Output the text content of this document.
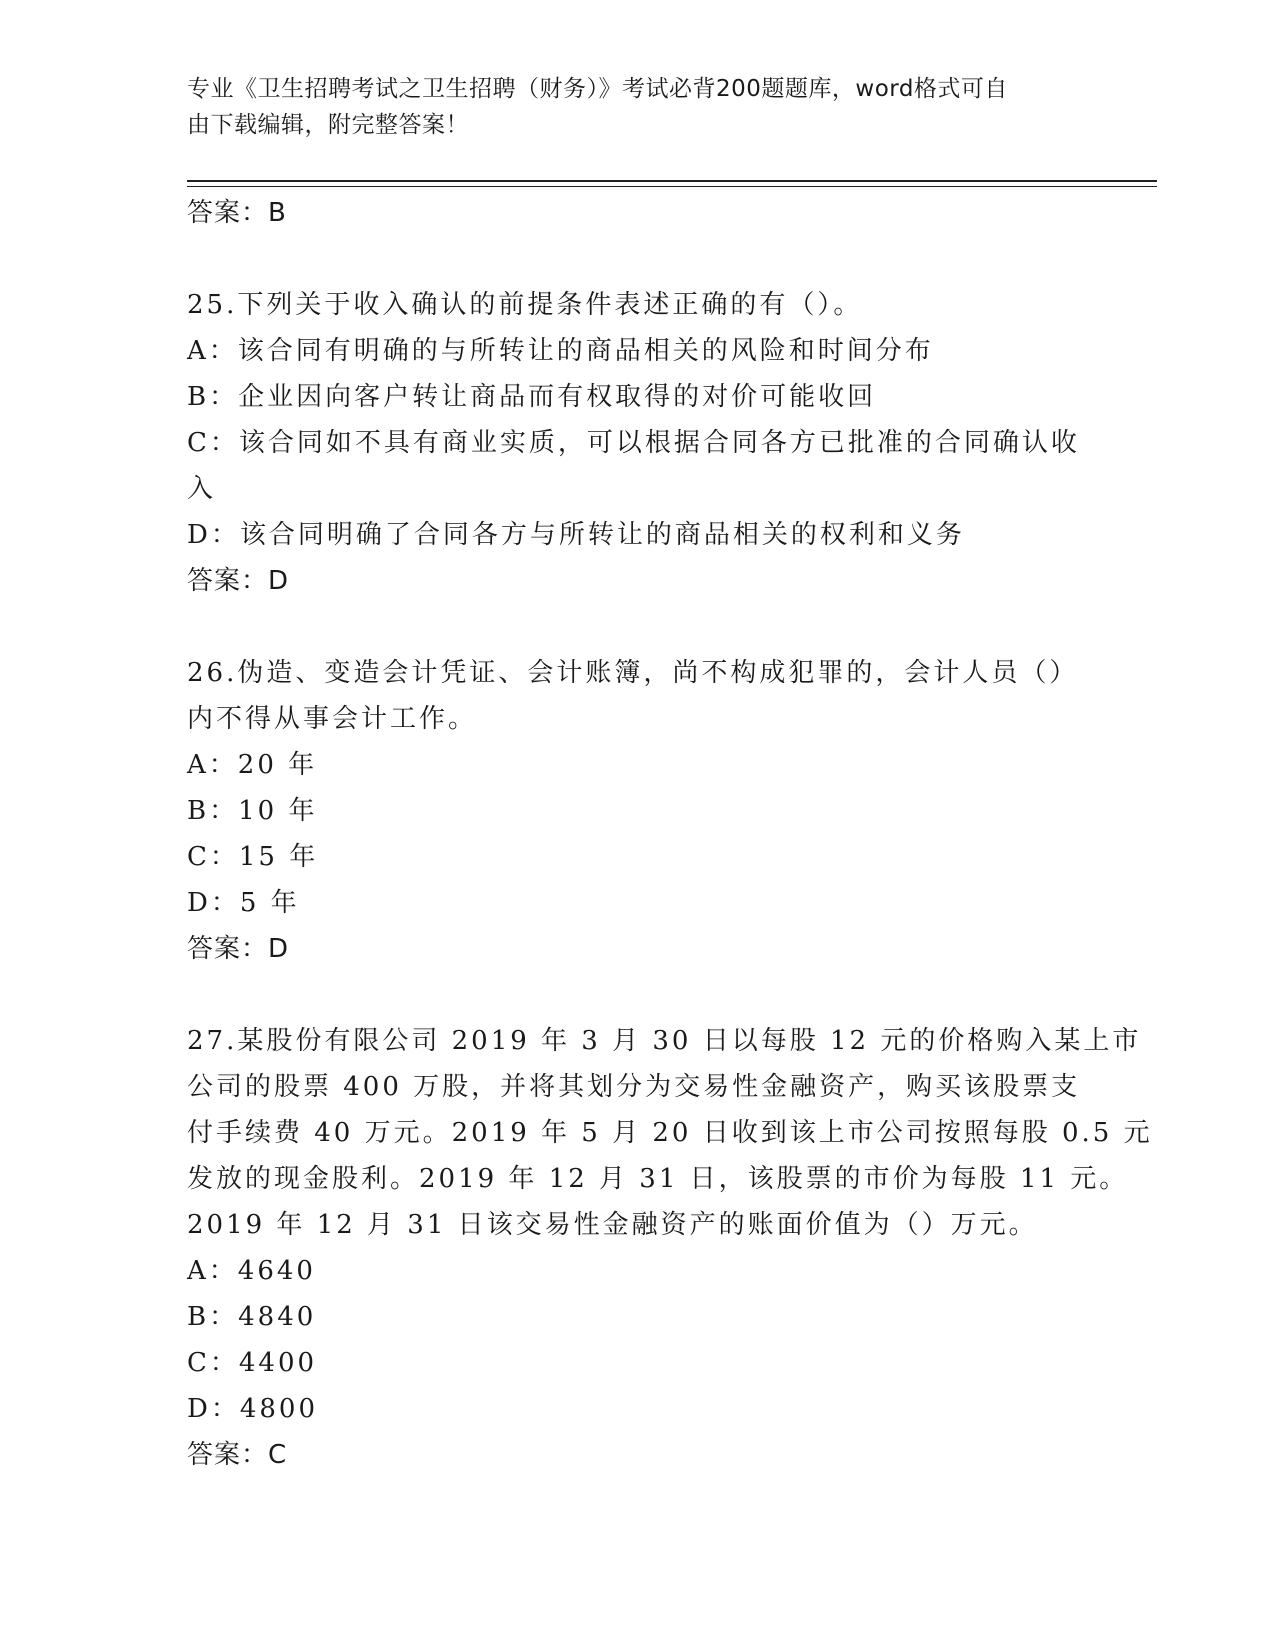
专业《卫生招聘考试之卫生招聘（财务）》考试必背200题题库，word格式可自
由下载编辑，附完整答案！
答案：B
25.下列关于收入确认的前提条件表述正确的有（）。
A：该合同有明确的与所转让的商品相关的风险和时间分布
B：企业因向客户转让商品而有权取得的对价可能收回
C：该合同如不具有商业实质，可以根据合同各方已批准的合同确认收
入
D：该合同明确了合同各方与所转让的商品相关的权利和义务
答案：D
26.伪造、变造会计凭证、会计账簿，尚不构成犯罪的，会计人员（）
内不得从事会计工作。
A：20 年
B：10 年
C：15 年
D：5 年
答案：D
27.某股份有限公司 2019 年 3 月 30 日以每股 12 元的价格购入某上市
公司的股票 400 万股，并将其划分为交易性金融资产，购买该股票支
付手续费 40 万元。2019 年 5 月 20 日收到该上市公司按照每股 0.5 元
发放的现金股利。2019 年 12 月 31 日，该股票的市价为每股 11 元。
2019 年 12 月 31 日该交易性金融资产的账面价值为（）万元。
A：4640
B：4840
C：4400
D：4800
答案：C
